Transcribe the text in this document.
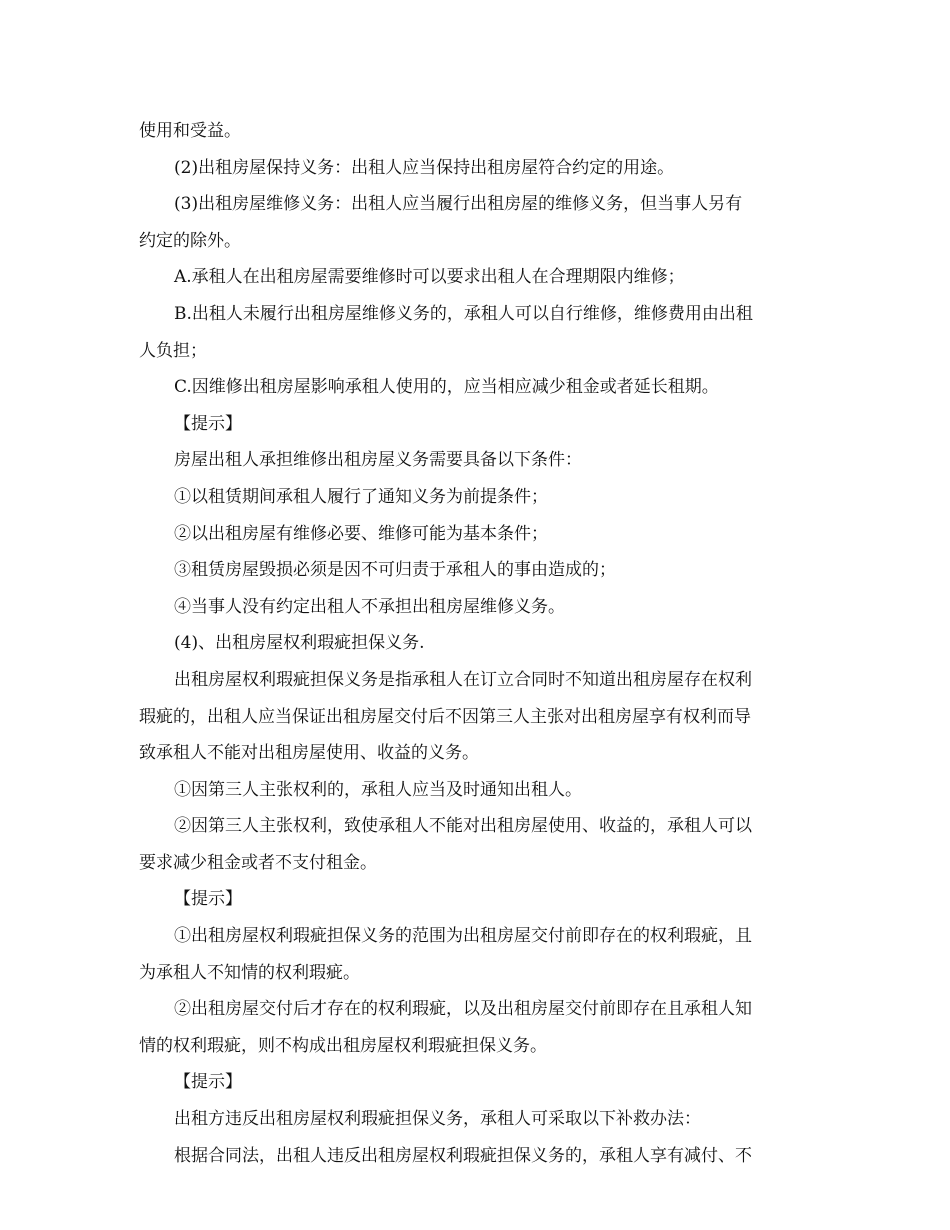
使用和受益。
(2)出租房屋保持义务：出租人应当保持出租房屋符合约定的用途。
(3)出租房屋维修义务：出租人应当履行出租房屋的维修义务，但当事人另有
约定的除外。
A.承租人在出租房屋需要维修时可以要求出租人在合理期限内维修；
B.出租人未履行出租房屋维修义务的，承租人可以自行维修，维修费用由出租
人负担；
C.因维修出租房屋影响承租人使用的，应当相应减少租金或者延长租期。
【提示】
房屋出租人承担维修出租房屋义务需要具备以下条件：
①以租赁期间承租人履行了通知义务为前提条件；
②以出租房屋有维修必要、维修可能为基本条件；
③租赁房屋毁损必须是因不可归责于承租人的事由造成的；
④当事人没有约定出租人不承担出租房屋维修义务。
(4)、出租房屋权利瑕疵担保义务.
出租房屋权利瑕疵担保义务是指承租人在订立合同时不知道出租房屋存在权利
瑕疵的，出租人应当保证出租房屋交付后不因第三人主张对出租房屋享有权利而导
致承租人不能对出租房屋使用、收益的义务。
①因第三人主张权利的，承租人应当及时通知出租人。
②因第三人主张权利，致使承租人不能对出租房屋使用、收益的，承租人可以
要求减少租金或者不支付租金。
【提示】
①出租房屋权利瑕疵担保义务的范围为出租房屋交付前即存在的权利瑕疵，且
为承租人不知情的权利瑕疵。
②出租房屋交付后才存在的权利瑕疵，以及出租房屋交付前即存在且承租人知
情的权利瑕疵，则不构成出租房屋权利瑕疵担保义务。
【提示】
出租方违反出租房屋权利瑕疵担保义务，承租人可采取以下补救办法：
根据合同法，出租人违反出租房屋权利瑕疵担保义务的，承租人享有减付、不
